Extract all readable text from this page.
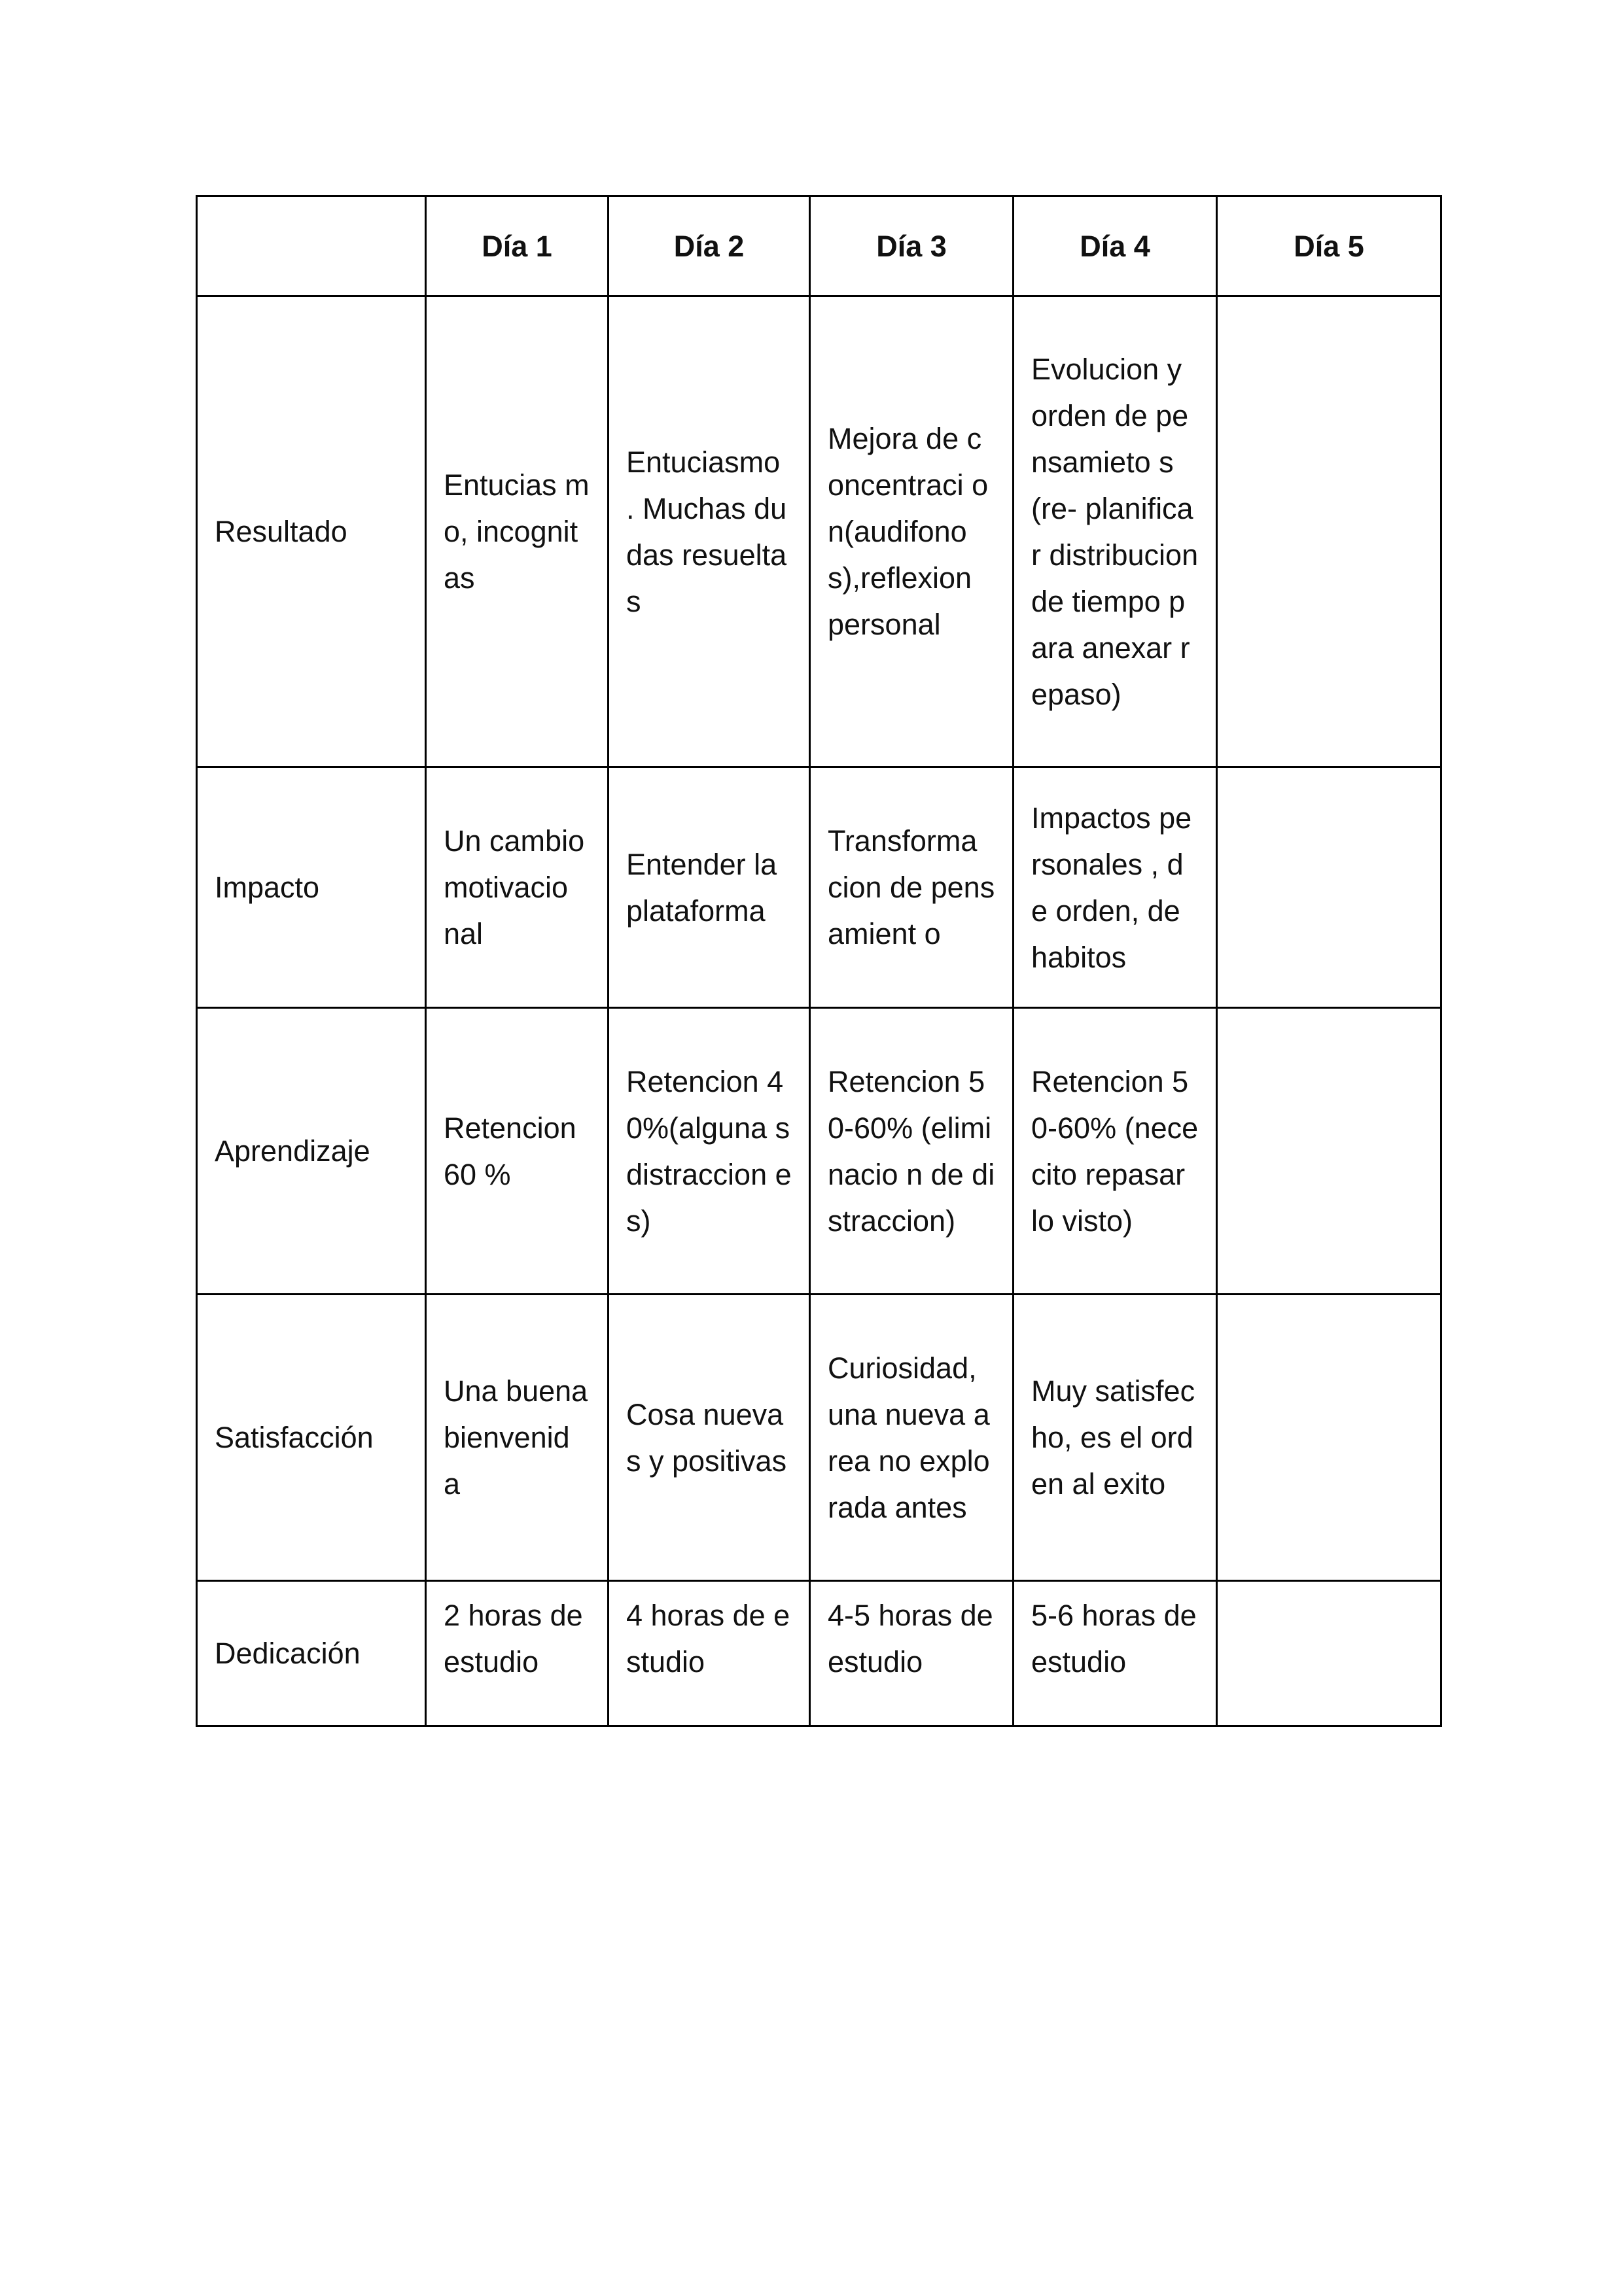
	Día 1	Día 2	Día 3	Día 4	Día 5
Resultado	Entucias mo, incognitas	Entuciasmo . Muchas dudas resueltas	Mejora de concentraci on(audifono s),reflexion personal	Evolucion y orden de pensamieto s (re- planificar distribucion de tiempo para anexar repaso)	
Impacto	Un cambio motivacio nal	Entender la plataforma	Transforma cion de pensamient o	Impactos personales , de orden, de habitos	
Aprendizaje	Retencion 60 %	Retencion 40%(alguna s distraccion es)	Retencion 50-60% (eliminacio n de distraccion)	Retencion 50-60% (nececito repasar lo visto)	
Satisfacción	Una buena bienvenid a	Cosa nuevas y positivas	Curiosidad, una nueva area no explorada antes	Muy satisfecho, es el orden al exito	
Dedicación	2 horas de estudio	4 horas de estudio	4-5 horas de estudio	5-6 horas de estudio	
